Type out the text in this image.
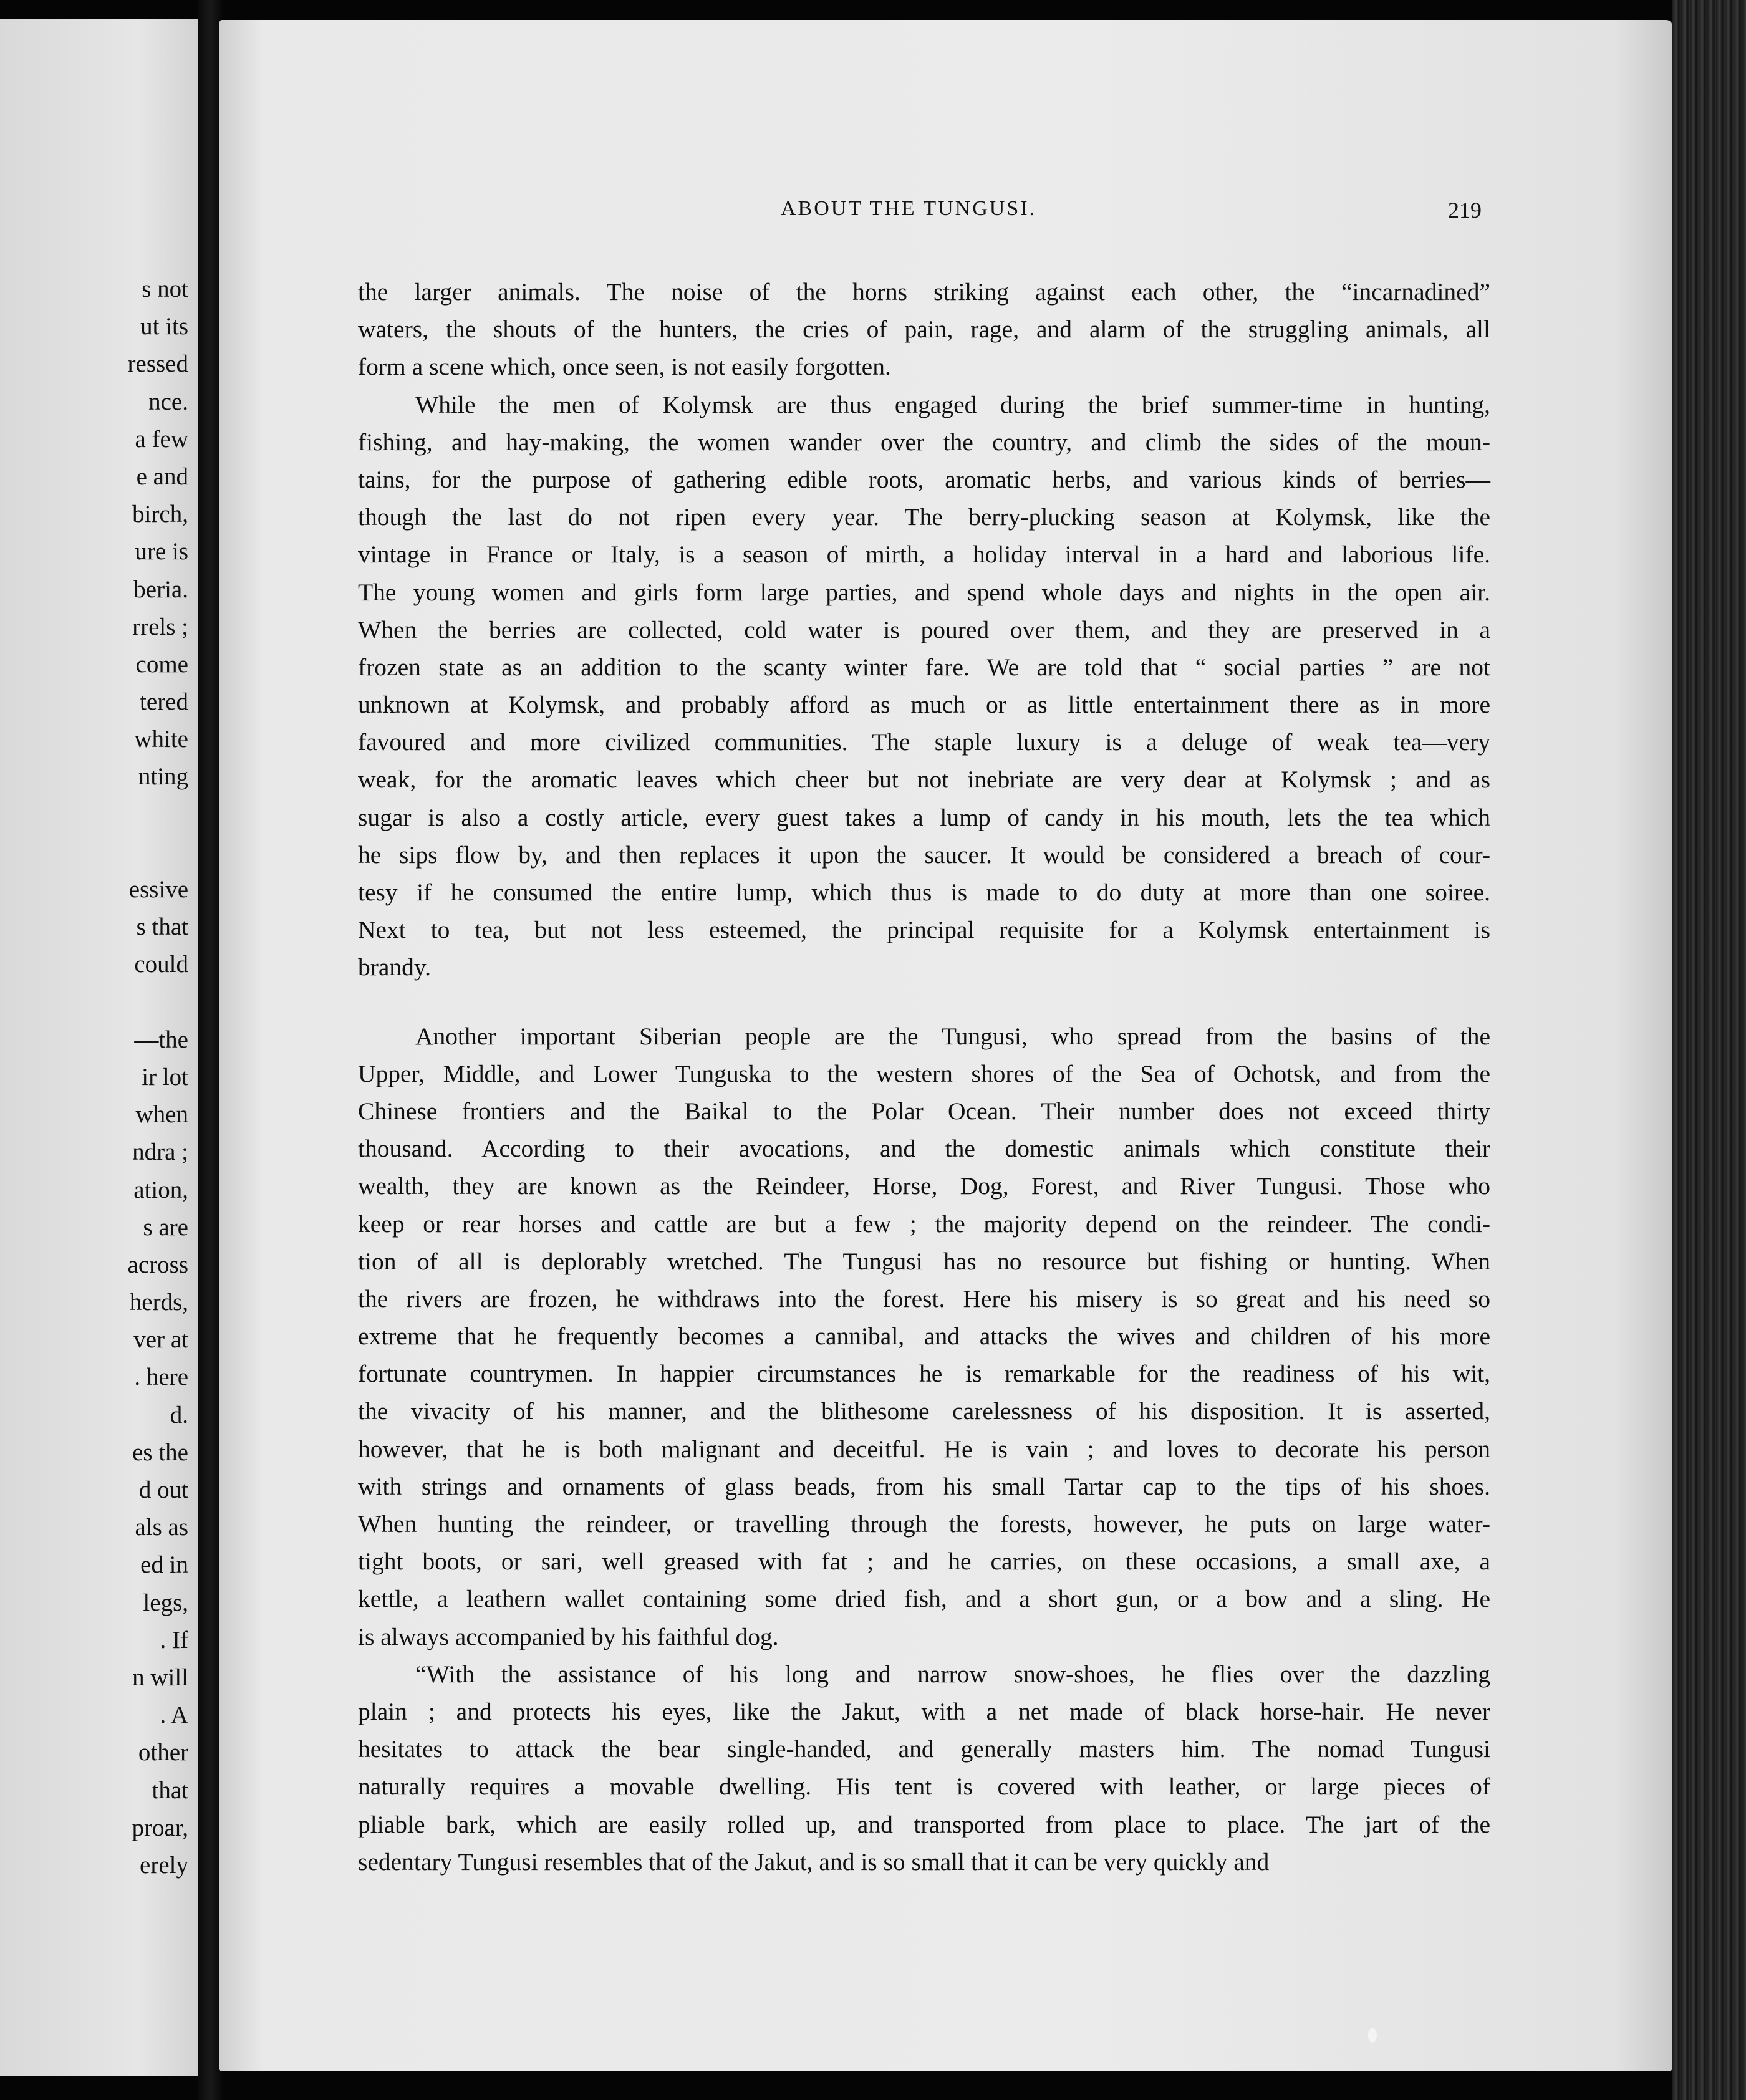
s not
ut its
ressed
nce.
a few
e and
birch,
ure is
beria.
rrels ;
come
tered
white
nting
essive
s that
could
—the
ir lot
when
ndra ;
ation,
s are
across
herds,
ver at
. here
d.
es the
d out
als as
ed in
legs,
. If
n will
. A
other
that
proar,
erely
ABOUT THE TUNGUSI.	219
the larger animals. The noise of the horns striking against each other, the “incarnadined”
waters, the shouts of the hunters, the cries of pain, rage, and alarm of the struggling animals, all
form a scene which, once seen, is not easily forgotten.
While the men of Kolymsk are thus engaged during the brief summer-time in hunting,
fishing, and hay-making, the women wander over the country, and climb the sides of the moun-
tains, for the purpose of gathering edible roots, aromatic herbs, and various kinds of berries—
though the last do not ripen every year. The berry-plucking season at Kolymsk, like the
vintage in France or Italy, is a season of mirth, a holiday interval in a hard and laborious life.
The young women and girls form large parties, and spend whole days and nights in the open air.
When the berries are collected, cold water is poured over them, and they are preserved in a
frozen state as an addition to the scanty winter fare. We are told that “ social parties ” are not
unknown at Kolymsk, and probably afford as much or as little entertainment there as in more
favoured and more civilized communities. The staple luxury is a deluge of weak tea—very
weak, for the aromatic leaves which cheer but not inebriate are very dear at Kolymsk ; and as
sugar is also a costly article, every guest takes a lump of candy in his mouth, lets the tea which
he sips flow by, and then replaces it upon the saucer. It would be considered a breach of cour-
tesy if he consumed the entire lump, which thus is made to do duty at more than one soiree.
Next to tea, but not less esteemed, the principal requisite for a Kolymsk entertainment is
brandy.
Another important Siberian people are the Tungusi, who spread from the basins of the
Upper, Middle, and Lower Tunguska to the western shores of the Sea of Ochotsk, and from the
Chinese frontiers and the Baikal to the Polar Ocean. Their number does not exceed thirty
thousand. According to their avocations, and the domestic animals which constitute their
wealth, they are known as the Reindeer, Horse, Dog, Forest, and River Tungusi. Those who
keep or rear horses and cattle are but a few ; the majority depend on the reindeer. The condi-
tion of all is deplorably wretched. The Tungusi has no resource but fishing or hunting. When
the rivers are frozen, he withdraws into the forest. Here his misery is so great and his need so
extreme that he frequently becomes a cannibal, and attacks the wives and children of his more
fortunate countrymen. In happier circumstances he is remarkable for the readiness of his wit,
the vivacity of his manner, and the blithesome carelessness of his disposition. It is asserted,
however, that he is both malignant and deceitful. He is vain ; and loves to decorate his person
with strings and ornaments of glass beads, from his small Tartar cap to the tips of his shoes.
When hunting the reindeer, or travelling through the forests, however, he puts on large water-
tight boots, or sari, well greased with fat ; and he carries, on these occasions, a small axe, a
kettle, a leathern wallet containing some dried fish, and a short gun, or a bow and a sling. He
is always accompanied by his faithful dog.
“With the assistance of his long and narrow snow-shoes, he flies over the dazzling
plain ; and protects his eyes, like the Jakut, with a net made of black horse-hair. He never
hesitates to attack the bear single-handed, and generally masters him. The nomad Tungusi
naturally requires a movable dwelling. His tent is covered with leather, or large pieces of
pliable bark, which are easily rolled up, and transported from place to place. The jart of the
sedentary Tungusi resembles that of the Jakut, and is so small that it can be very quickly and
